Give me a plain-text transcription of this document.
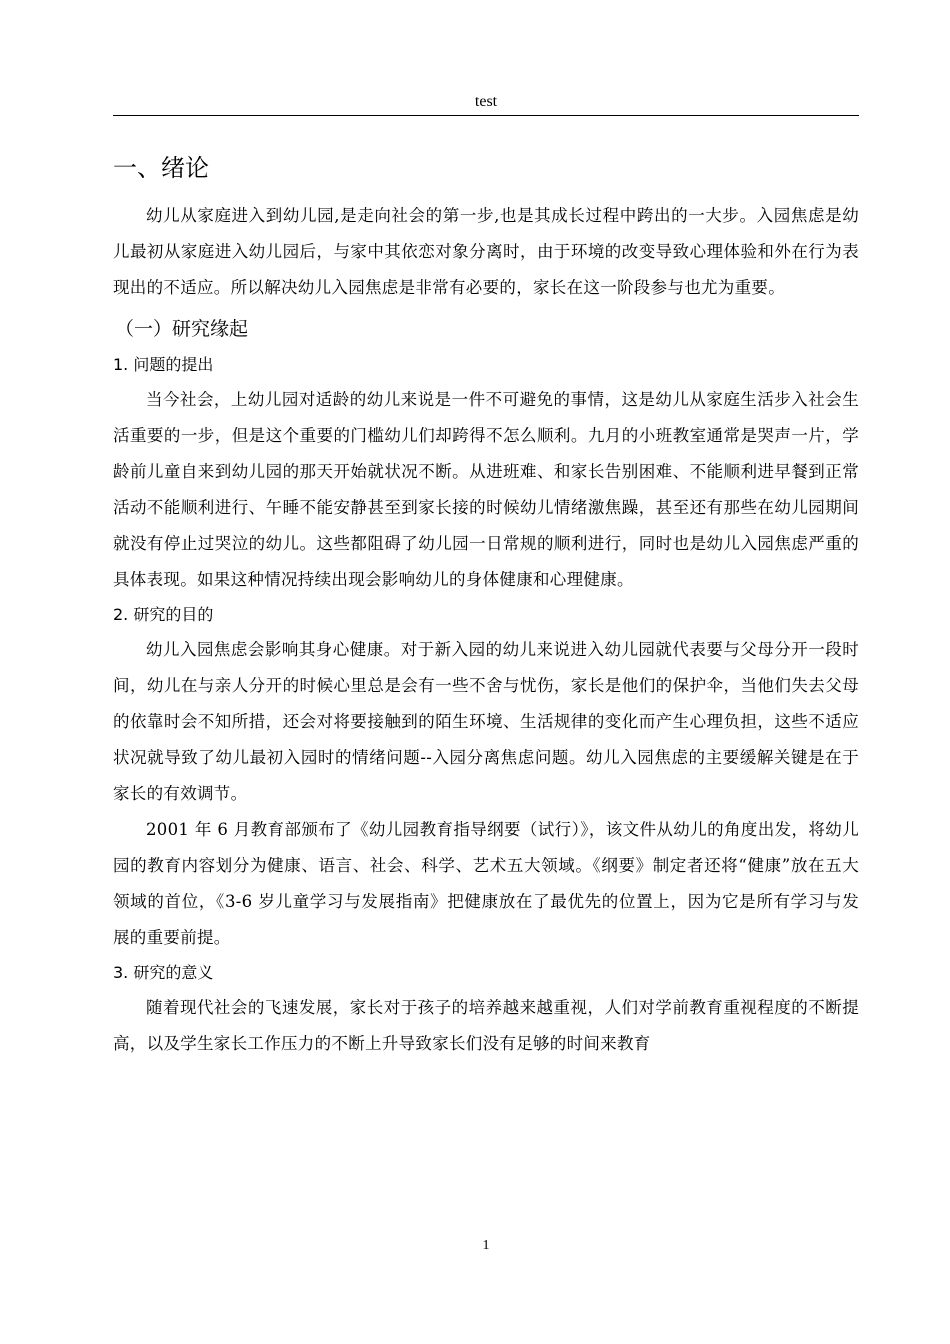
test
一、绪论

幼儿从家庭进入到幼儿园,是走向社会的第一步,也是其成长过程中跨出的一大步。入园焦虑是幼儿最初从家庭进入幼儿园后，与家中其依恋对象分离时，由于环境的改变导致心理体验和外在行为表现出的不适应。所以解决幼儿入园焦虑是非常有必要的，家长在这一阶段参与也尤为重要。

（一）研究缘起
1. 问题的提出

当今社会，上幼儿园对适龄的幼儿来说是一件不可避免的事情，这是幼儿从家庭生活步入社会生活重要的一步，但是这个重要的门槛幼儿们却跨得不怎么顺利。九月的小班教室通常是哭声一片，学龄前儿童自来到幼儿园的那天开始就状况不断。从进班难、和家长告别困难、不能顺利进早餐到正常活动不能顺利进行、午睡不能安静甚至到家长接的时候幼儿情绪激焦躁，甚至还有那些在幼儿园期间就没有停止过哭泣的幼儿。这些都阻碍了幼儿园一日常规的顺利进行，同时也是幼儿入园焦虑严重的具体表现。如果这种情况持续出现会影响幼儿的身体健康和心理健康。

2. 研究的目的

幼儿入园焦虑会影响其身心健康。对于新入园的幼儿来说进入幼儿园就代表要与父母分开一段时间，幼儿在与亲人分开的时候心里总是会有一些不舍与忧伤，家长是他们的保护伞，当他们失去父母的依靠时会不知所措，还会对将要接触到的陌生环境、生活规律的变化而产生心理负担，这些不适应状况就导致了幼儿最初入园时的情绪问题--入园分离焦虑问题。幼儿入园焦虑的主要缓解关键是在于家长的有效调节。

2001 年 6 月教育部颁布了《幼儿园教育指导纲要（试行）》，该文件从幼儿的角度出发，将幼儿园的教育内容划分为健康、语言、社会、科学、艺术五大领域。《纲要》制定者还将“健康”放在五大领域的首位，《3-6 岁儿童学习与发展指南》把健康放在了最优先的位置上，因为它是所有学习与发展的重要前提。

3. 研究的意义

随着现代社会的飞速发展，家长对于孩子的培养越来越重视，人们对学前教育重视程度的不断提高，以及学生家长工作压力的不断上升导致家长们没有足够的时间来教育

1
